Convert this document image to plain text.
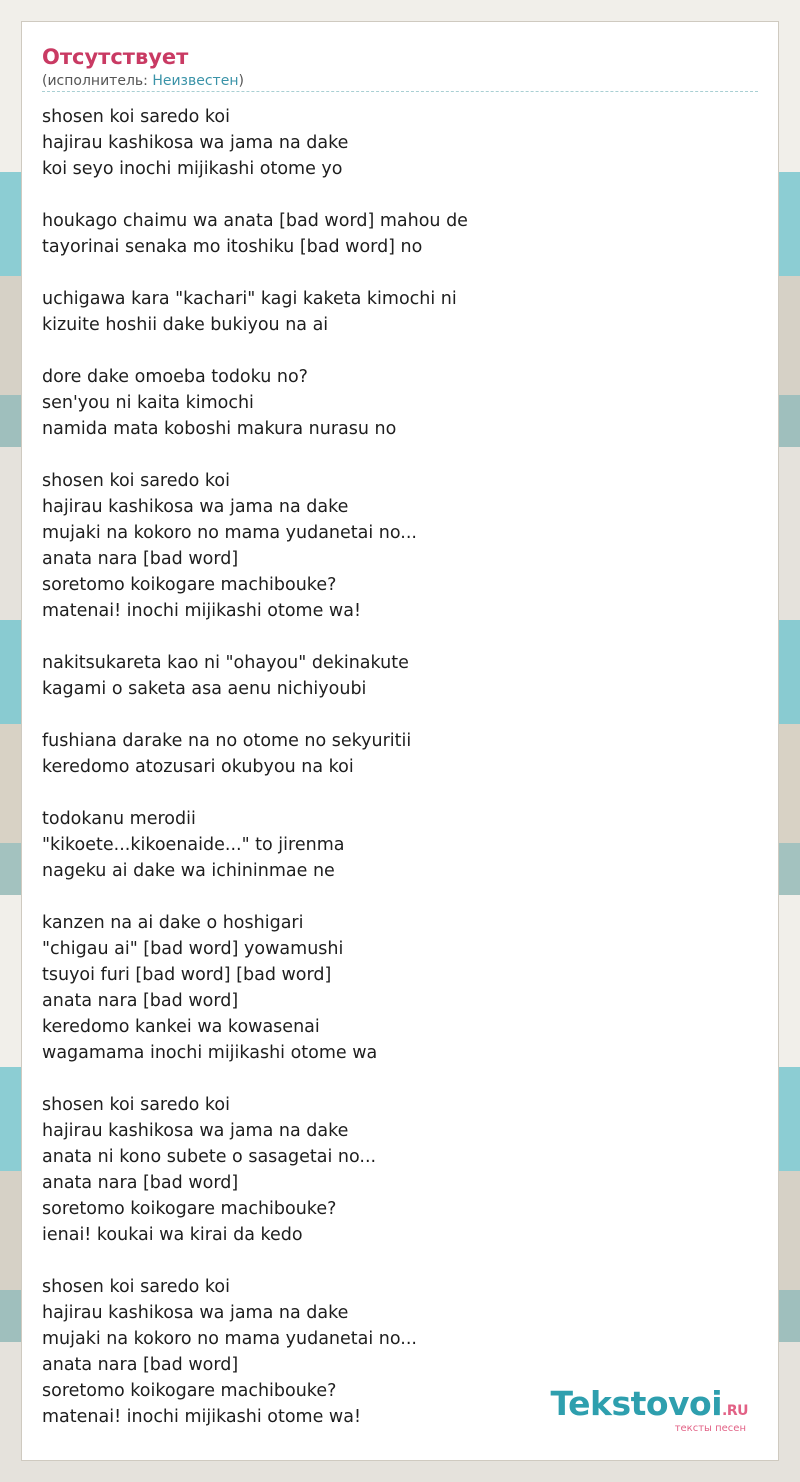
Отсутствует
(исполнитель: Неизвестен)
shosen koi saredo koi
hajirau kashikosa wa jama na dake
koi seyo inochi mijikashi otome yo
houkago chaimu wa anata [bad word] mahou de
tayorinai senaka mo itoshiku [bad word] no
uchigawa kara "kachari" kagi kaketa kimochi ni
kizuite hoshii dake bukiyou na ai
dore dake omoeba todoku no?
sen'you ni kaita kimochi
namida mata koboshi makura nurasu no
shosen koi saredo koi
hajirau kashikosa wa jama na dake
mujaki na kokoro no mama yudanetai no...
anata nara [bad word]
soretomo koikogare machibouke?
matenai! inochi mijikashi otome wa!
nakitsukareta kao ni "ohayou" dekinakute
kagami o saketa asa aenu nichiyoubi
fushiana darake na no otome no sekyuritii
keredomo atozusari okubyou na koi
todokanu merodii
"kikoete...kikoenaide..." to jirenma
nageku ai dake wa ichininmae ne
kanzen na ai dake o hoshigari
"chigau ai" [bad word] yowamushi
tsuyoi furi [bad word] [bad word]
anata nara [bad word]
keredomo kankei wa kowasenai
wagamama inochi mijikashi otome wa
shosen koi saredo koi
hajirau kashikosa wa jama na dake
anata ni kono subete o sasagetai no...
anata nara [bad word]
soretomo koikogare machibouke?
ienai! koukai wa kirai da kedo
shosen koi saredo koi
hajirau kashikosa wa jama na dake
mujaki na kokoro no mama yudanetai no...
anata nara [bad word]
soretomo koikogare machibouke?
matenai! inochi mijikashi otome wa!	Tekstovoi.RU
тексты песен
